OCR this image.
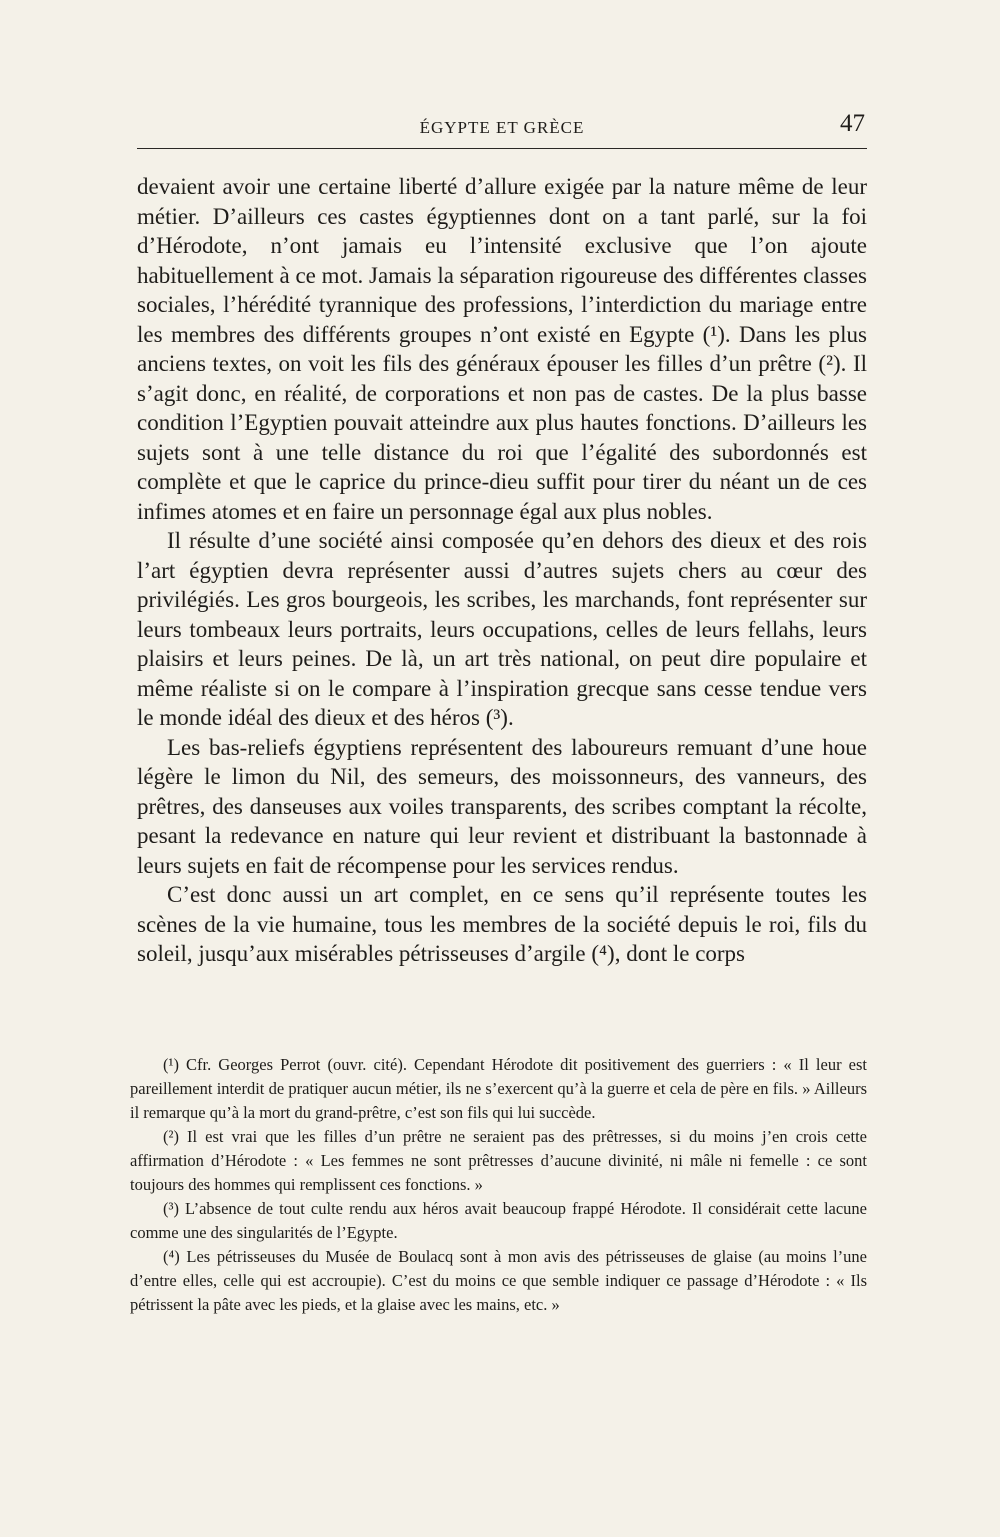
ÉGYPTE ET GRÈCE	47

devaient avoir une certaine liberté d’allure exigée par la nature même de leur métier. D’ailleurs ces castes égyptiennes dont on a tant parlé, sur la foi d’Hérodote, n’ont jamais eu l’intensité exclusive que l’on ajoute habituellement à ce mot. Jamais la séparation rigoureuse des différentes classes sociales, l’hérédité tyrannique des professions, l’interdiction du mariage entre les membres des différents groupes n’ont existé en Egypte (¹). Dans les plus anciens textes, on voit les fils des généraux épouser les filles d’un prêtre (²). Il s’agit donc, en réalité, de corporations et non pas de castes. De la plus basse condition l’Egyptien pouvait atteindre aux plus hautes fonctions. D’ailleurs les sujets sont à une telle distance du roi que l’égalité des subordonnés est complète et que le caprice du prince-dieu suffit pour tirer du néant un de ces infimes atomes et en faire un personnage égal aux plus nobles.

Il résulte d’une société ainsi composée qu’en dehors des dieux et des rois l’art égyptien devra représenter aussi d’autres sujets chers au cœur des privilégiés. Les gros bourgeois, les scribes, les marchands, font représenter sur leurs tombeaux leurs portraits, leurs occupations, celles de leurs fellahs, leurs plaisirs et leurs peines. De là, un art très national, on peut dire populaire et même réaliste si on le compare à l’inspiration grecque sans cesse tendue vers le monde idéal des dieux et des héros (³).

Les bas-reliefs égyptiens représentent des laboureurs remuant d’une houe légère le limon du Nil, des semeurs, des moissonneurs, des vanneurs, des prêtres, des danseuses aux voiles transparents, des scribes comptant la récolte, pesant la redevance en nature qui leur revient et distribuant la bastonnade à leurs sujets en fait de récompense pour les services rendus.

C’est donc aussi un art complet, en ce sens qu’il représente toutes les scènes de la vie humaine, tous les membres de la société depuis le roi, fils du soleil, jusqu’aux misérables pétrisseuses d’argile (⁴), dont le corps

(¹) Cfr. Georges Perrot (ouvr. cité). Cependant Hérodote dit positivement des guerriers : « Il leur est pareillement interdit de pratiquer aucun métier, ils ne s’exercent qu’à la guerre et cela de père en fils. » Ailleurs il remarque qu’à la mort du grand-prêtre, c’est son fils qui lui succède.

(²) Il est vrai que les filles d’un prêtre ne seraient pas des prêtresses, si du moins j’en crois cette affirmation d’Hérodote : « Les femmes ne sont prêtresses d’aucune divinité, ni mâle ni femelle : ce sont toujours des hommes qui remplissent ces fonctions. »

(³) L’absence de tout culte rendu aux héros avait beaucoup frappé Hérodote. Il considérait cette lacune comme une des singularités de l’Egypte.

(⁴) Les pétrisseuses du Musée de Boulacq sont à mon avis des pétrisseuses de glaise (au moins l’une d’entre elles, celle qui est accroupie). C’est du moins ce que semble indiquer ce passage d’Hérodote : « Ils pétrissent la pâte avec les pieds, et la glaise avec les mains, etc. »
